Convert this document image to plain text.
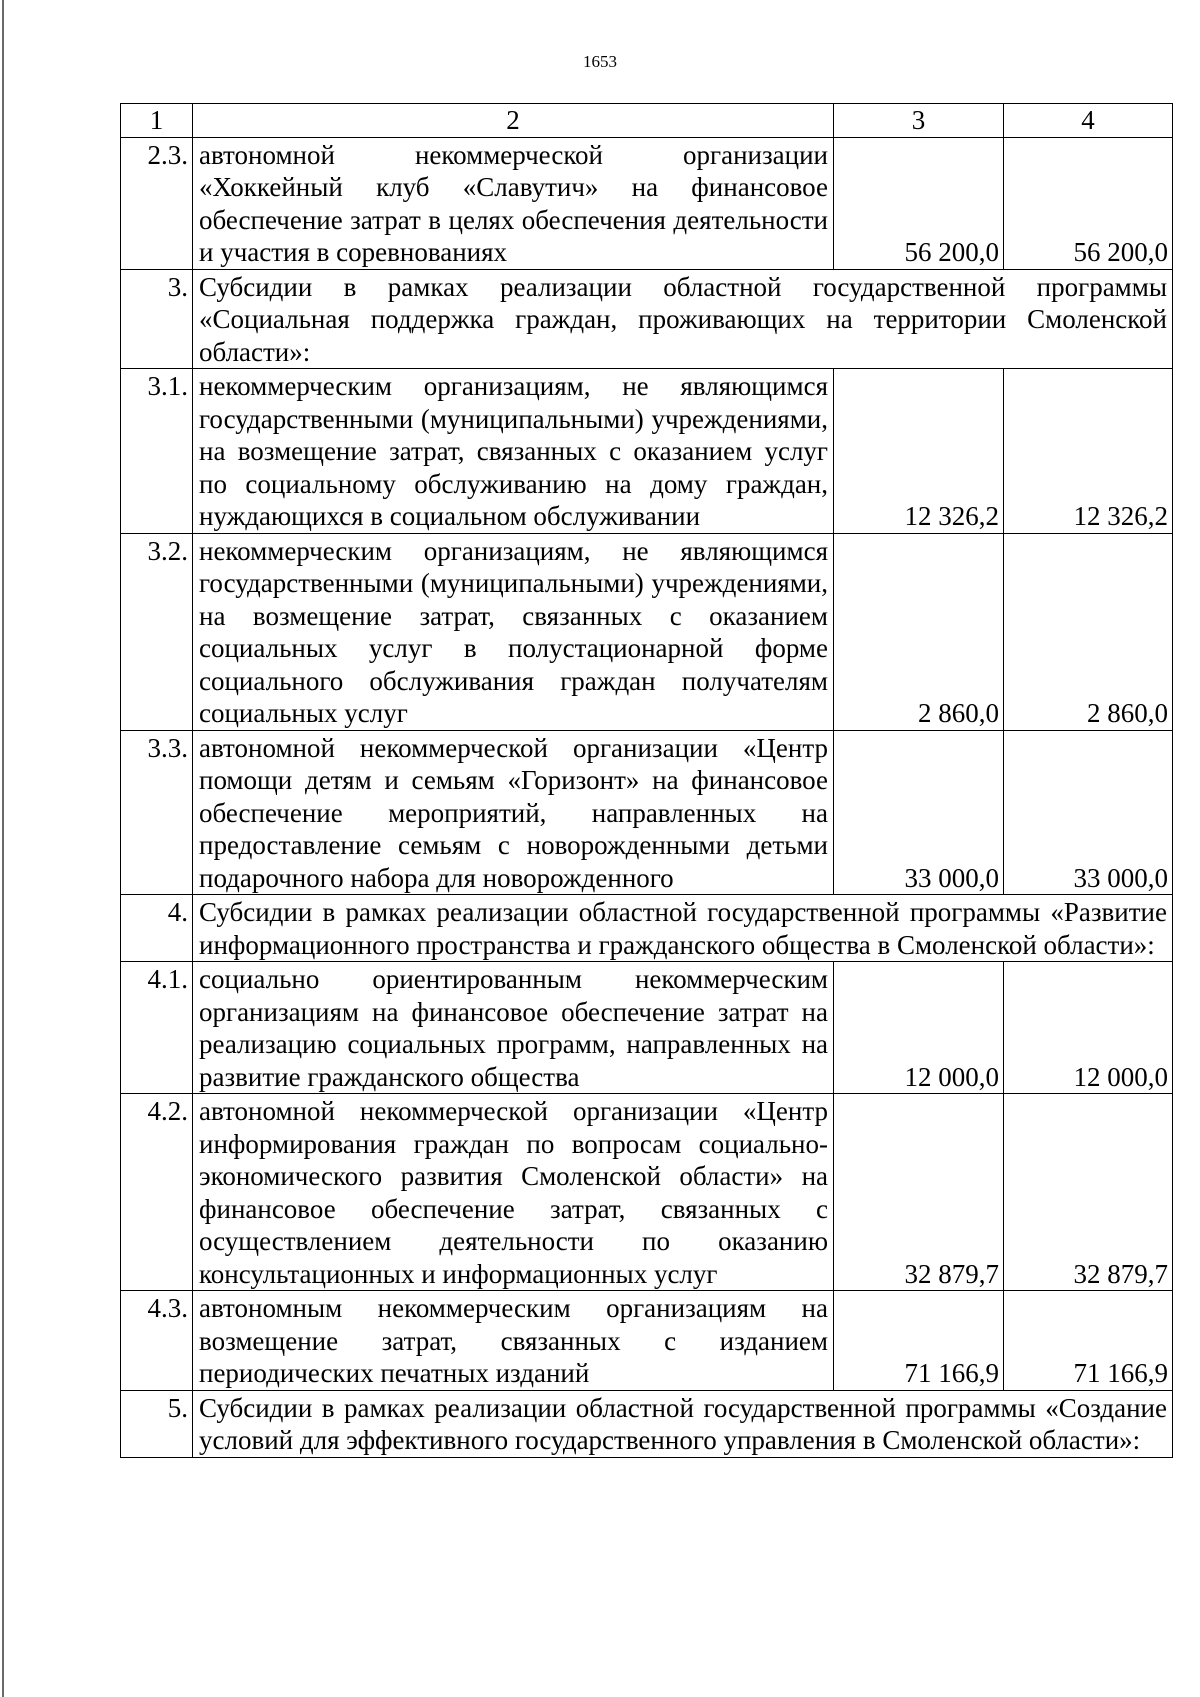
1653
1	2	3	4
2.3.	автономной некоммерческой организации «Хоккейный клуб «Славутич» на финансовое обеспечение затрат в целях обеспечения деятельности и участия в соревнованиях	56 200,0	56 200,0
3.	Субсидии в рамках реализации областной государственной программы «Социальная поддержка граждан, проживающих на территории Смоленской области»:		
3.1.	некоммерческим организациям, не являющимся государственными (муниципальными) учреждениями, на возмещение затрат, связанных с оказанием услуг по социальному обслуживанию на дому граждан, нуждающихся в социальном обслуживании	12 326,2	12 326,2
3.2.	некоммерческим организациям, не являющимся государственными (муниципальными) учреждениями, на возмещение затрат, связанных с оказанием социальных услуг в полустационарной форме социального обслуживания граждан получателям социальных услуг	2 860,0	2 860,0
3.3.	автономной некоммерческой организации «Центр помощи детям и семьям «Горизонт» на финансовое обеспечение мероприятий, направленных на предоставление семьям с новорожденными детьми подарочного набора для новорожденного	33 000,0	33 000,0
4.	Субсидии в рамках реализации областной государственной программы «Развитие информационного пространства и гражданского общества в Смоленской области»:		
4.1.	социально ориентированным некоммерческим организациям на финансовое обеспечение затрат на реализацию социальных программ, направленных на развитие гражданского общества	12 000,0	12 000,0
4.2.	автономной некоммерческой организации «Центр информирования граждан по вопросам социально-экономического развития Смоленской области» на финансовое обеспечение затрат, связанных с осуществлением деятельности по оказанию консультационных и информационных услуг	32 879,7	32 879,7
4.3.	автономным некоммерческим организациям на возмещение затрат, связанных с изданием периодических печатных изданий	71 166,9	71 166,9
5.	Субсидии в рамках реализации областной государственной программы «Создание условий для эффективного государственного управления в Смоленской области»:		
